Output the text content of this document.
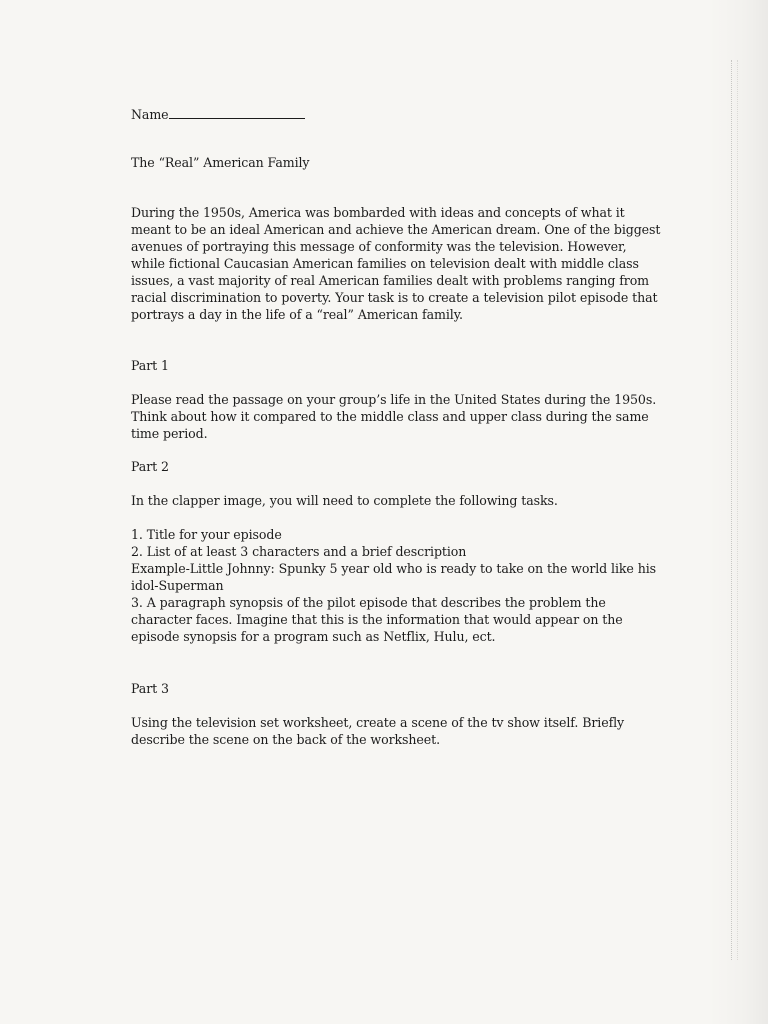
Name
The “Real” American Family
During the 1950s, America was bombarded with ideas and concepts of what it
meant to be an ideal American and achieve the American dream. One of the biggest
avenues of portraying this message of conformity was the television. However,
while fictional Caucasian American families on television dealt with middle class
issues, a vast majority of real American families dealt with problems ranging from
racial discrimination to poverty. Your task is to create a television pilot episode that
portrays a day in the life of a “real” American family.
Part 1
Please read the passage on your group’s life in the United States during the 1950s.
Think about how it compared to the middle class and upper class during the same
time period.
Part 2
In the clapper image, you will need to complete the following tasks.
1. Title for your episode
2. List of at least 3 characters and a brief description
Example-Little Johnny: Spunky 5 year old who is ready to take on the world like his
idol-Superman
3. A paragraph synopsis of the pilot episode that describes the problem the
character faces. Imagine that this is the information that would appear on the
episode synopsis for a program such as Netflix, Hulu, ect.
Part 3
Using the television set worksheet, create a scene of the tv show itself. Briefly
describe the scene on the back of the worksheet.
